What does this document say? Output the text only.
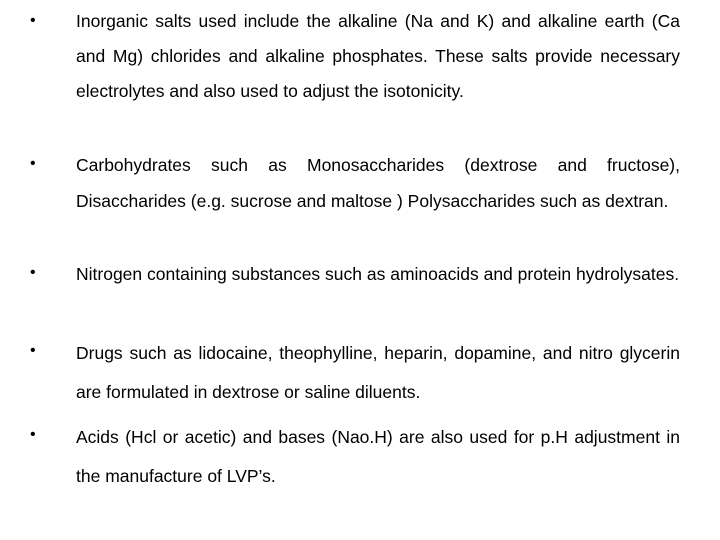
• Inorganic salts used include the alkaline (Na and K) and alkaline earth (Ca and Mg) chlorides and alkaline phosphates. These salts provide necessary electrolytes and also used to adjust the isotonicity.
• Carbohydrates such as Monosaccharides (dextrose and fructose), Disaccharides (e.g. sucrose and maltose ) Polysaccharides such as dextran.
• Nitrogen containing substances such as aminoacids and protein hydrolysates.
• Drugs such as lidocaine, theophylline, heparin, dopamine, and nitro glycerin are formulated in dextrose or saline diluents.
• Acids (Hcl or acetic) and bases (Nao.H) are also used for p.H adjustment in the manufacture of LVP’s.
